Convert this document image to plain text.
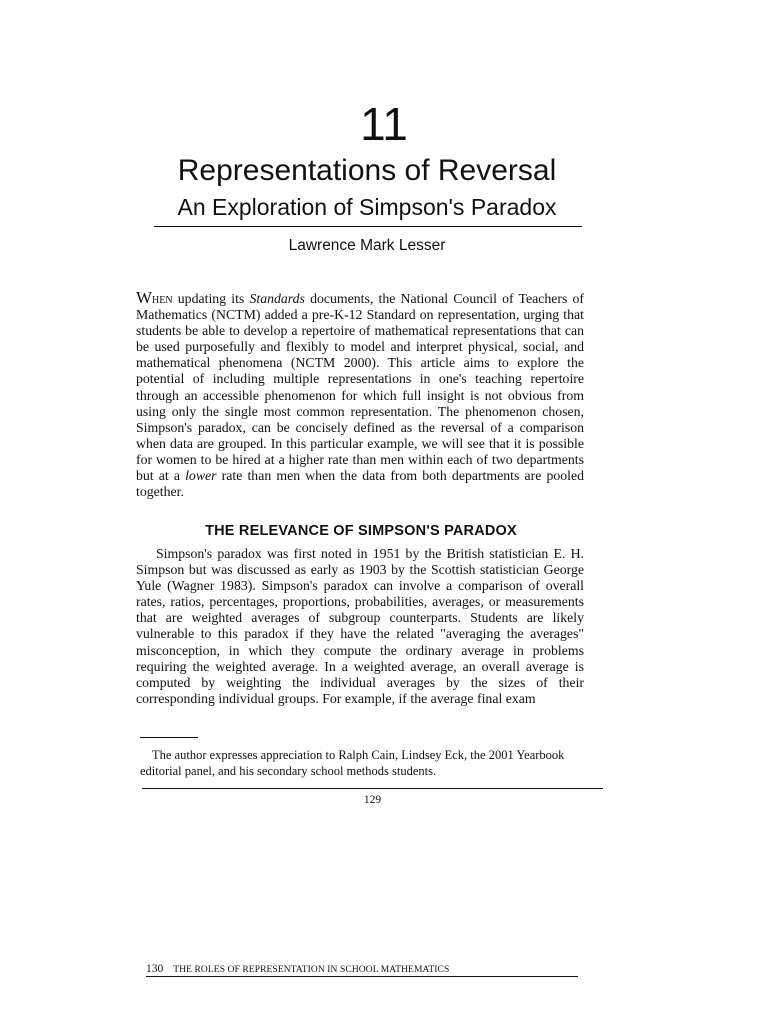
11
Representations of Reversal
An Exploration of Simpson's Paradox
Lawrence Mark Lesser

When updating its Standards documents, the National Council of Teachers of Mathematics (NCTM) added a pre-K-12 Standard on representation, urging that students be able to develop a repertoire of mathematical representations that can be used purposefully and flexibly to model and interpret physical, social, and mathematical phenomena (NCTM 2000). This article aims to explore the potential of including multiple representations in one's teaching repertoire through an accessible phenomenon for which full insight is not obvious from using only the single most common representation. The phenomenon chosen, Simpson's paradox, can be concisely defined as the reversal of a comparison when data are grouped. In this particular example, we will see that it is possible for women to be hired at a higher rate than men within each of two departments but at a lower rate than men when the data from both departments are pooled together.

THE RELEVANCE OF SIMPSON'S PARADOX

Simpson's paradox was first noted in 1951 by the British statistician E. H. Simpson but was discussed as early as 1903 by the Scottish statistician George Yule (Wagner 1983). Simpson's paradox can involve a comparison of overall rates, ratios, percentages, proportions, probabilities, averages, or measurements that are weighted averages of subgroup counterparts. Students are likely vulnerable to this paradox if they have the related "averaging the averages" misconception, in which they compute the ordinary average in problems requiring the weighted average. In a weighted average, an overall average is computed by weighting the individual averages by the sizes of their corresponding individual groups. For example, if the average final exam

The author expresses appreciation to Ralph Cain, Lindsey Eck, the 2001 Yearbook editorial panel, and his secondary school methods students.

129
130 THE ROLES OF REPRESENTATION IN SCHOOL MATHEMATICS
